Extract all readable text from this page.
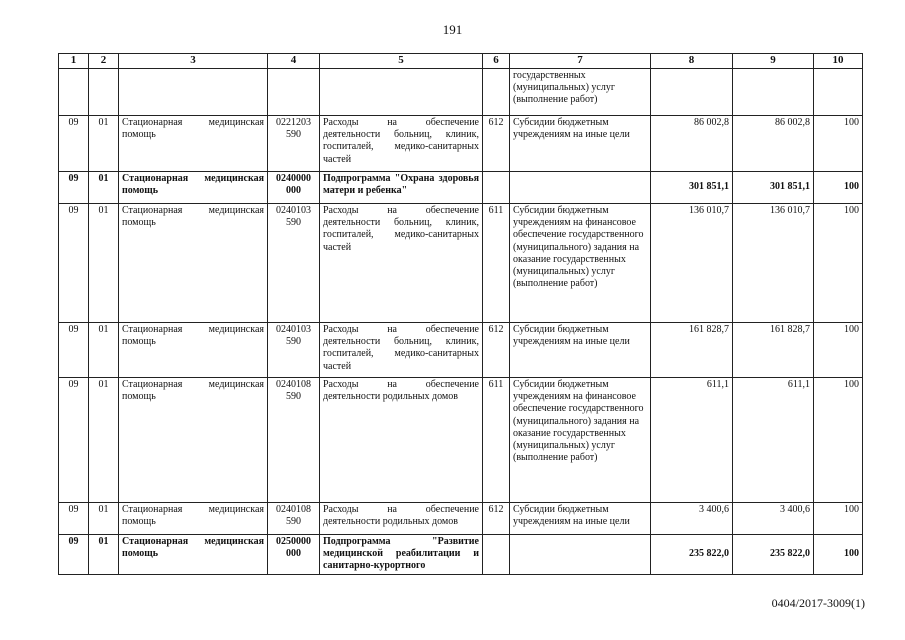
191
1	2	3	4	5	6	7	8	9	10
						государственных (муниципальных) услуг (выполнение работ)			
09	01	Стационарная медицинская помощь	0221203 590	Расходы на обеспечение деятельности больниц, клиник, госпиталей, медико-санитарных частей	612	Субсидии бюджетным учреждениям на иные цели	86 002,8	86 002,8	100
09	01	Стационарная медицинская помощь	0240000 000	Подпрограмма "Охрана здоровья матери и ребенка"			301 851,1	301 851,1	100
09	01	Стационарная медицинская помощь	0240103 590	Расходы на обеспечение деятельности больниц, клиник, госпиталей, медико-санитарных частей	611	Субсидии бюджетным учреждениям на финансовое обеспечение государственного (муниципального) задания на оказание государственных (муниципальных) услуг (выполнение работ)	136 010,7	136 010,7	100
09	01	Стационарная медицинская помощь	0240103 590	Расходы на обеспечение деятельности больниц, клиник, госпиталей, медико-санитарных частей	612	Субсидии бюджетным учреждениям на иные цели	161 828,7	161 828,7	100
09	01	Стационарная медицинская помощь	0240108 590	Расходы на обеспечение деятельности родильных домов	611	Субсидии бюджетным учреждениям на финансовое обеспечение государственного (муниципального) задания на оказание государственных (муниципальных) услуг (выполнение работ)	611,1	611,1	100
09	01	Стационарная медицинская помощь	0240108 590	Расходы на обеспечение деятельности родильных домов	612	Субсидии бюджетным учреждениям на иные цели	3 400,6	3 400,6	100
09	01	Стационарная медицинская помощь	0250000 000	Подпрограмма "Развитие медицинской реабилитации и санитарно-курортного			235 822,0	235 822,0	100
0404/2017-3009(1)
